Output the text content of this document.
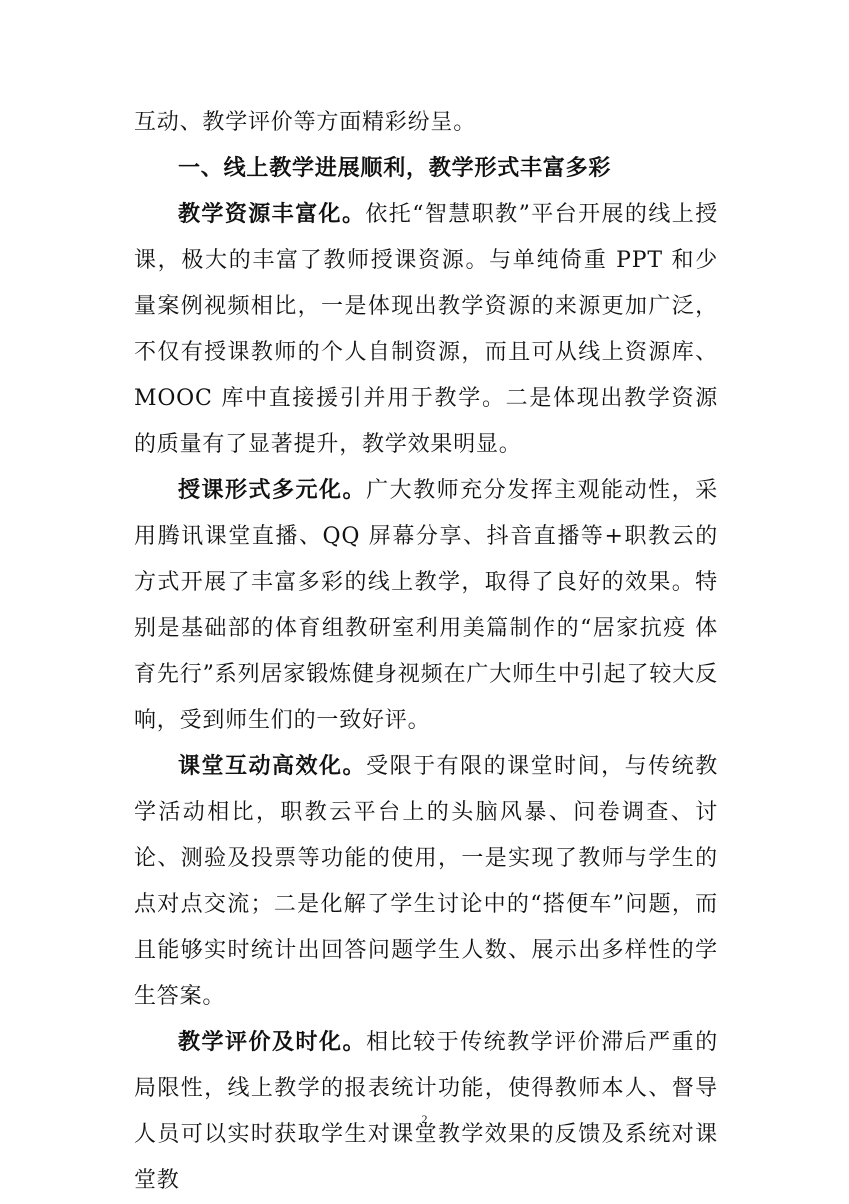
互动、教学评价等方面精彩纷呈。

一、线上教学进展顺利，教学形式丰富多彩

教学资源丰富化。依托“智慧职教”平台开展的线上授课，极大的丰富了教师授课资源。与单纯倚重 PPT 和少量案例视频相比，一是体现出教学资源的来源更加广泛，不仅有授课教师的个人自制资源，而且可从线上资源库、MOOC 库中直接援引并用于教学。二是体现出教学资源的质量有了显著提升，教学效果明显。

授课形式多元化。广大教师充分发挥主观能动性，采用腾讯课堂直播、QQ 屏幕分享、抖音直播等+职教云的方式开展了丰富多彩的线上教学，取得了良好的效果。特别是基础部的体育组教研室利用美篇制作的“居家抗疫 体育先行”系列居家锻炼健身视频在广大师生中引起了较大反响，受到师生们的一致好评。

课堂互动高效化。受限于有限的课堂时间，与传统教学活动相比，职教云平台上的头脑风暴、问卷调查、讨论、测验及投票等功能的使用，一是实现了教师与学生的点对点交流；二是化解了学生讨论中的“搭便车”问题，而且能够实时统计出回答问题学生人数、展示出多样性的学生答案。

教学评价及时化。相比较于传统教学评价滞后严重的局限性，线上教学的报表统计功能，使得教师本人、督导人员可以实时获取学生对课堂教学效果的反馈及系统对课堂教

2
